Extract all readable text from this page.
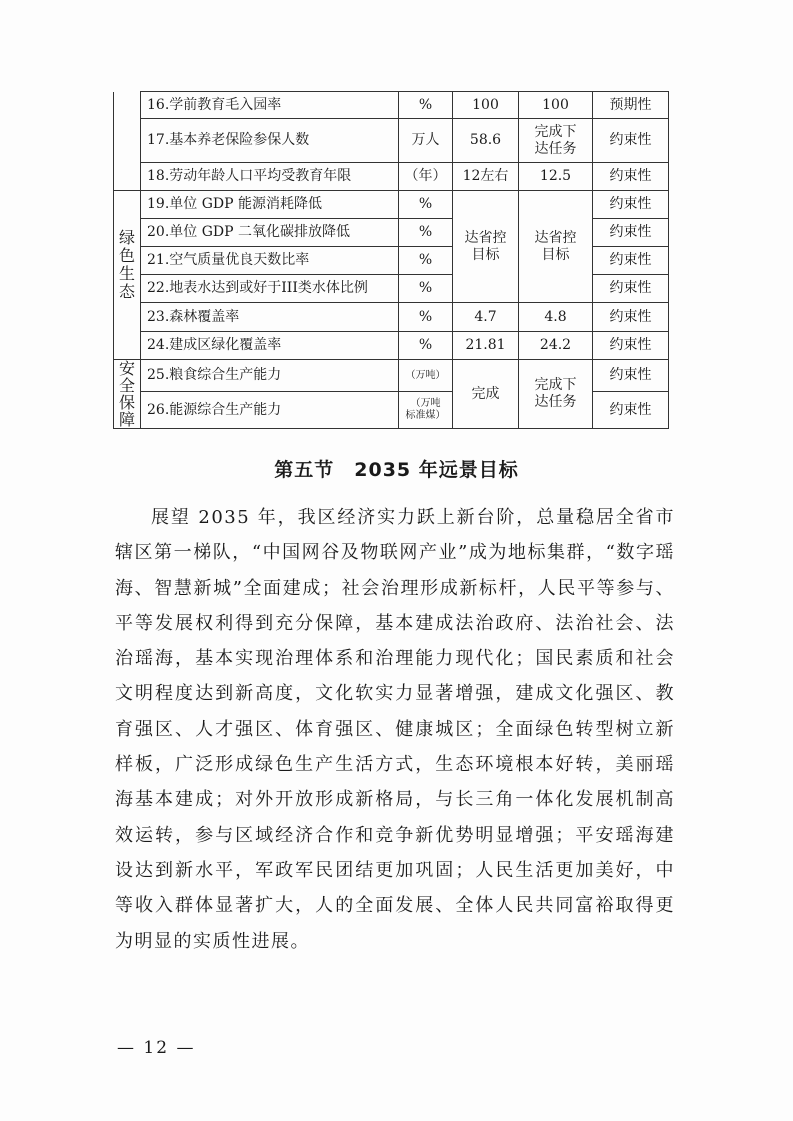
	16.学前教育毛入园率	%	100	100	预期性
	17.基本养老保险参保人数	万人	58.6	完成下
达任务	约束性
	18.劳动年龄人口平均受教育年限	（年）	12左右	12.5	约束性

绿
色
生
态	19.单位 GDP 能源消耗降低	%	达省控
目标	达省控
目标	约束性
	20.单位 GDP 二氧化碳排放降低	%			约束性
	21.空气质量优良天数比率	%			约束性
	22.地表水达到或好于III类水体比例	%			约束性
	23.森林覆盖率	%	4.7	4.8	约束性
	24.建成区绿化覆盖率	%	21.81	24.2	约束性

安
全
保
障	25.粮食综合生产能力	（万吨）	完成	完成下
达任务	约束性
	26.能源综合生产能力	（万吨
标准煤）			约束性
第五节　2035 年远景目标

展望 2035 年，我区经济实力跃上新台阶，总量稳居全省市辖区第一梯队，“中国网谷及物联网产业”成为地标集群，“数字瑶海、智慧新城”全面建成；社会治理形成新标杆，人民平等参与、平等发展权利得到充分保障，基本建成法治政府、法治社会、法治瑶海，基本实现治理体系和治理能力现代化；国民素质和社会文明程度达到新高度，文化软实力显著增强，建成文化强区、教育强区、人才强区、体育强区、健康城区；全面绿色转型树立新样板，广泛形成绿色生产生活方式，生态环境根本好转，美丽瑶海基本建成；对外开放形成新格局，与长三角一体化发展机制高效运转，参与区域经济合作和竞争新优势明显增强；平安瑶海建设达到新水平，军政军民团结更加巩固；人民生活更加美好，中等收入群体显著扩大，人的全面发展、全体人民共同富裕取得更为明显的实质性进展。

— 12 —
